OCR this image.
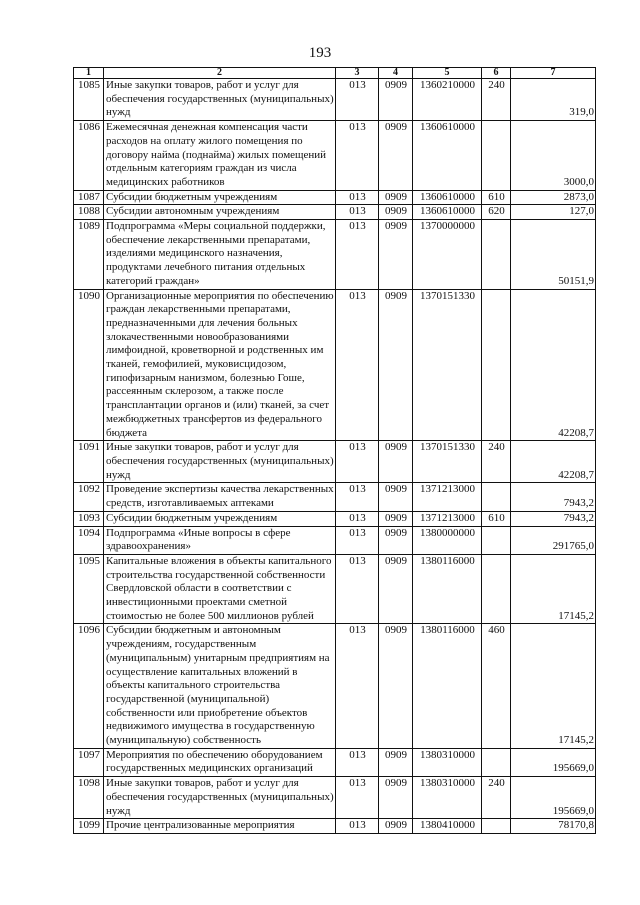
193
1	2	3	4	5	6	7
1085	Иные закупки товаров, работ и услуг для обеспечения государственных (муниципальных) нужд	013	0909	1360210000	240	319,0
1086	Ежемесячная денежная компенсация части расходов на оплату жилого помещения по договору найма (поднайма) жилых помещений отдельным категориям граждан из числа медицинских работников	013	0909	1360610000		3000,0
1087	Субсидии бюджетным учреждениям	013	0909	1360610000	610	2873,0
1088	Субсидии автономным учреждениям	013	0909	1360610000	620	127,0
1089	Подпрограмма «Меры социальной поддержки, обеспечение лекарственными препаратами, изделиями медицинского назначения, продуктами лечебного питания отдельных категорий граждан»	013	0909	1370000000		50151,9
1090	Организационные мероприятия по обеспечению граждан лекарственными препаратами, предназначенными для лечения больных злокачественными новообразованиями лимфоидной, кроветворной и родственных им тканей, гемофилией, муковисцидозом, гипофизарным нанизмом, болезнью Гоше, рассеянным склерозом, а также после трансплантации органов и (или) тканей, за счет межбюджетных трансфертов из федерального бюджета	013	0909	1370151330		42208,7
1091	Иные закупки товаров, работ и услуг для обеспечения государственных (муниципальных) нужд	013	0909	1370151330	240	42208,7
1092	Проведение экспертизы качества лекарственных средств, изготавливаемых аптеками	013	0909	1371213000		7943,2
1093	Субсидии бюджетным учреждениям	013	0909	1371213000	610	7943,2
1094	Подпрограмма «Иные вопросы в сфере здравоохранения»	013	0909	1380000000		291765,0
1095	Капитальные вложения в объекты капитального строительства государственной собственности Свердловской области в соответствии с инвестиционными проектами сметной стоимостью не более 500 миллионов рублей	013	0909	1380116000		17145,2
1096	Субсидии бюджетным и автономным учреждениям, государственным (муниципальным) унитарным предприятиям на осуществление капитальных вложений в объекты капитального строительства государственной (муниципальной) собственности или приобретение объектов недвижимого имущества в государственную (муниципальную) собственность	013	0909	1380116000	460	17145,2
1097	Мероприятия по обеспечению оборудованием государственных медицинских организаций	013	0909	1380310000		195669,0
1098	Иные закупки товаров, работ и услуг для обеспечения государственных (муниципальных) нужд	013	0909	1380310000	240	195669,0
1099	Прочие централизованные мероприятия	013	0909	1380410000		78170,8
